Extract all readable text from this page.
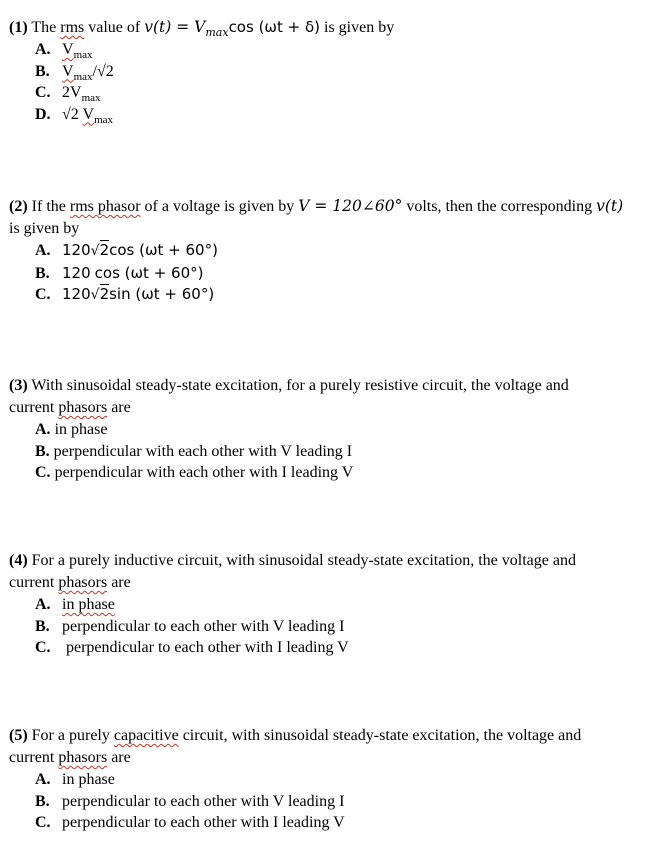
(1) The rms value of $v(t) = V_{max}\cos$ (ωt + δ) is given by
A. $V_{max}$
B. $V_{max}/√2$
C. $2V_{max}$
D. √2 $V_{max}$
(2) If the rms phasor of a voltage is given by V = 120∠60° volts, then the corresponding v(t)
is given by
A. 120√2cos (ωt + 60°)
B. 120 cos (ωt + 60°)
C. 120√2sin (ωt + 60°)
(3) With sinusoidal steady-state excitation, for a purely resistive circuit, the voltage and
current phasors are
A. in phase
B. perpendicular with each other with V leading I
C. perpendicular with each other with I leading V
(4) For a purely inductive circuit, with sinusoidal steady-state excitation, the voltage and
current phasors are
A. in phase
B. perpendicular to each other with V leading I
C. perpendicular to each other with I leading V
(5) For a purely capacitive circuit, with sinusoidal steady-state excitation, the voltage and
current phasors are
A. in phase
B. perpendicular to each other with V leading I
C. perpendicular to each other with I leading V
